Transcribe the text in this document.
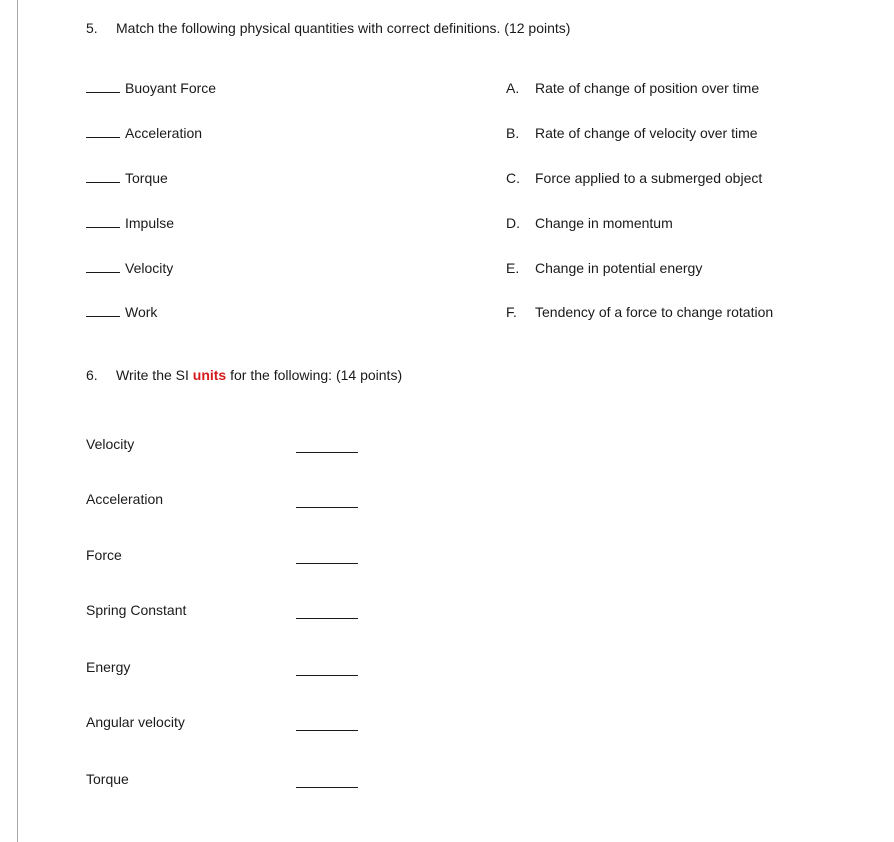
5. Match the following physical quantities with correct definitions. (12 points)
Buoyant Force
Acceleration
Torque
Impulse
Velocity
Work
A. Rate of change of position over time
B. Rate of change of velocity over time
C. Force applied to a submerged object
D. Change in momentum
E. Change in potential energy
F. Tendency of a force to change rotation
6. Write the SI units for the following: (14 points)
Velocity
Acceleration
Force
Spring Constant
Energy
Angular velocity
Torque
